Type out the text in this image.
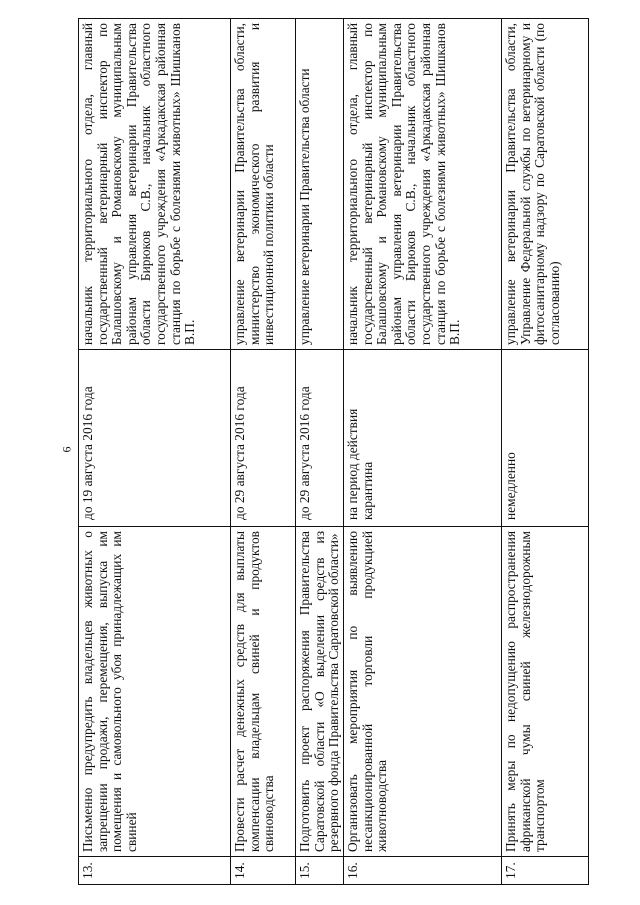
6
13.	Письменно предупредить владельцев животных о запрещении продажи, перемещения, выпуска им помещения и самовольного убоя принадлежащих им свиней	до 19 августа 2016 года	начальник территориального отдела, главный государственный ветеринарный инспектор по Балашовскому и Романовскому муниципальным районам управления ветеринарии Правительства области Бирюков С.В., начальник областного государственного учреждения «Аркадакская районная станция по борьбе с болезнями животных» Шишканов В.П.
14.	Провести расчет денежных средств для выплаты компенсации владельцам свиней и продуктов свиноводства	до 29 августа 2016 года	управление ветеринарии Правительства области, министерство экономического развития и инвестиционной политики области
15.	Подготовить проект распоряжения Правительства Саратовской области «О выделении средств из резервного фонда Правительства Саратовской области»	до 29 августа 2016 года	управление ветеринарии Правительства области
16.	Организовать мероприятия по выявлению несанкционированной торговли продукцией животноводства	на период действия карантина	начальник территориального отдела, главный государственный ветеринарный инспектор по Балашовскому и Романовскому муниципальным районам управления ветеринарии Правительства области Бирюков С.В., начальник областного государственного учреждения «Аркадакская районная станция по борьбе с болезнями животных» Шишканов В.П.
17.	Принять меры по недопущению распространения африканской чумы свиней железнодорожным транспортом	немедленно	управление ветеринарии Правительства области, Управление Федеральной службы по ветеринарному и фитосанитарному надзору по Саратовской области (по согласованию)
